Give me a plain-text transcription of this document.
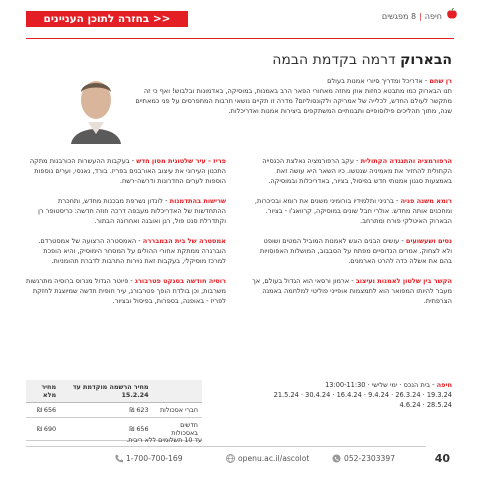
<< בחזרה לתוכן העניינים	חיפה|8 מפגשים
הבארוק דרמה בקדמת הבמה
רן שחם - אדריכל ומדריך סיורי אמנות בעולם
תנו הבארוק כמו מתבטא כחזות אוזן מחזה מאחורי הפאר הרב באמנות, במוסיקה, באדמונות ובלבוש! ואף כי זה מתקשר לעולם החדש, לכלייה של אמריקה ולקונסוליזם? מדרה זו תקיים נושאי תרבות המתפרסים על פני כמאתיים שנה, מתוך תהליכים פילוסופיים ותבנותיים המשתקפים ביצירות אמנות ואדריכלות.
הרפורמציה והתנגדה הקתולית - עקב הרפורמציה נאלצת הכנסייה הקתולית להחזיר את מאמיניה שנטשו. כיו השאר היא עושה זאת באמצעות סגנון אמנותי חדש בפיסול, בציור, באדריכלות ובמוסיקה.
רומא משנה פניה - ברניני ותלמידיו בורומיני משנים את רומא ובכיכרות, ומחכנים אותה מחדש. אולרי חבל שונים במוסיקה, קרוואג'ו - בציור. הבארוק האיטלקי פורח ומתרחב.
נסים ושעשועים - עושים הבנים הוגש לאמנות המוביל המטים ושופט ולא לצחוק. אמרים הנדוסיים מפתח על הסבבוב, המושלות האפוסויות בהם את אשלה כדה להרט הארמנים.
הקשר בין שלטון לאמנות ועיצוב - ארמון ורסאי הוא הגדול בעולם, אך מעבר להיותו המפואר הוא לתמצמות אופייני פוליטי למלחמה באמנה הצרפתית.
פריז - עיר שלטונית מסון חדש - בעקבות ההעשרות הכורבנות מתקה התכנון העירוני את עיצוב האורבנים בפריז. בורד, נאנסי, וערים נוספות הוספות לערים החדרונות ודרשה-רשח.
שרישות בהתדמנות - לונדון נשרפת מבכנות מחדש, ותחכרת ההתחדשות של האדריכלות מעבפה דרכה חוזה חדשה: כריסטופר רן וקתדרלת סנט פול, רגן ואובנה ואחרונה הבתור.
אמסטרה של בית הבמבררה - האמסטרה הרצועה של אמסטרדם. הוברגרה ממתקת אחורי ההולים על המסחר הימוסיק, והיא הופכת למרכז מוסיקלי, בעקבות זאת נוירות התרבות לדברת תהומניות.
רוסיה חודשה בסנקט פטרבורג - פיוטר הגדול מנרוס ברוסיה מתרגשות משרבות, וכן בולדת הופך פטרבורג, עיר חופית חדשה שמיוצגת לחזקת לפריז - באופנה, בספרות, בפיסול ובציור.
חיפה - בית הנכס · ימי שלישי · 13:00-11:30
19.3.24 · 26.3.24 · 9.4.24 · 16.4.24 · 30.4.24 · 21.5.24
28.5.24 · 4.6.24
	מחיר הרשמה מוקדמת עד 15.2.24	מחיר מלא
חברי אסכולות	623 ₪	656 ₪
חדשים באסכולות	656 ₪	690 ₪
עד 10 תשלומים ללא ריבית.
1-700-700-169	openu.ac.il/ascolot	052-2303397	40
